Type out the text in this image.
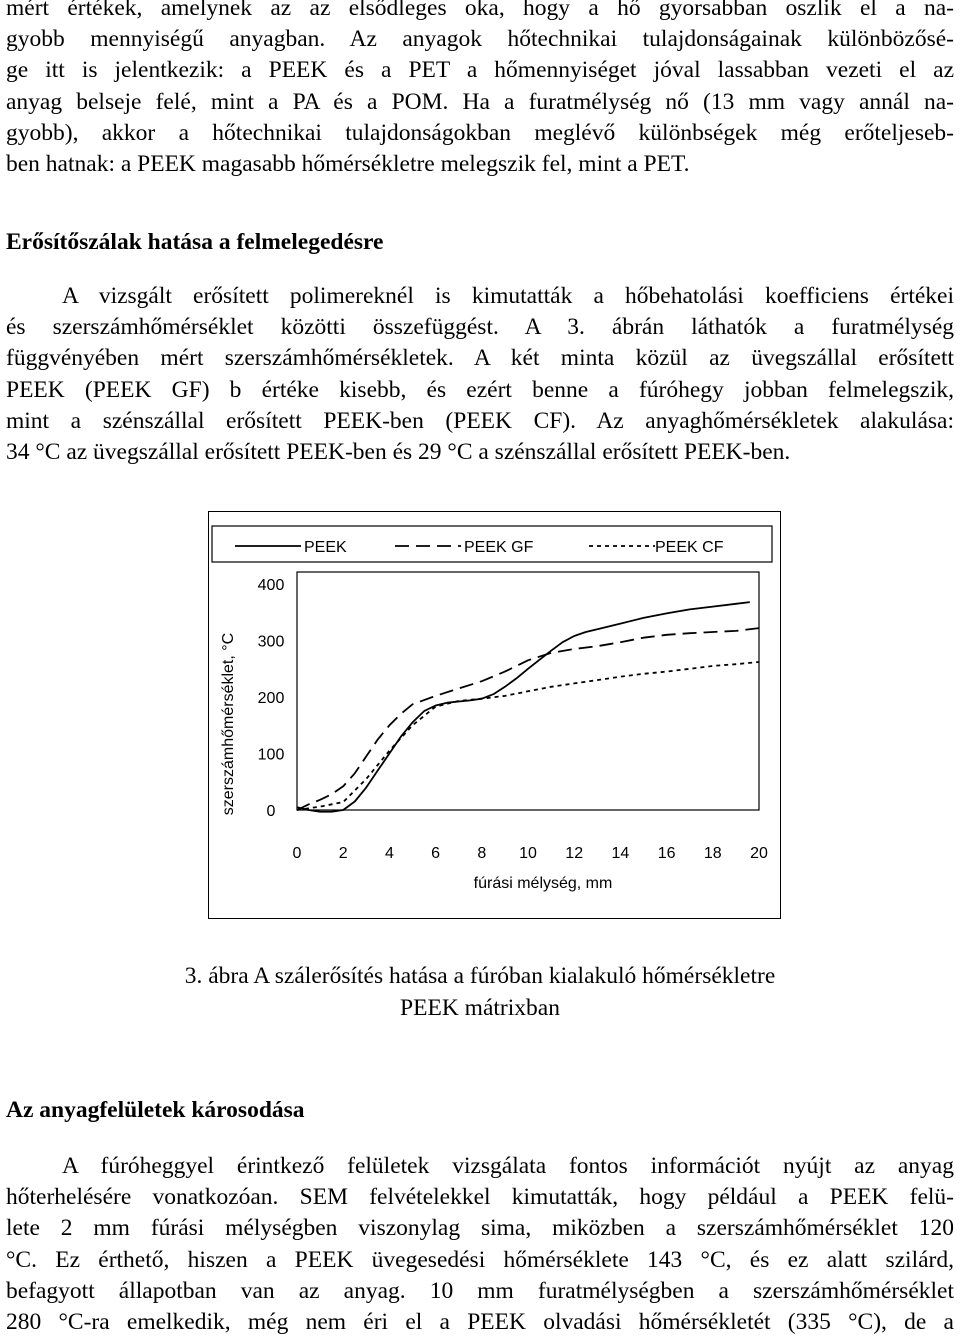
mért értékek, amelynek az az elsődleges oka, hogy a hő gyorsabban oszlik el a na-
gyobb mennyiségű anyagban. Az anyagok hőtechnikai tulajdonságainak különbözősé-
ge itt is jelentkezik: a PEEK és a PET a hőmennyiséget jóval lassabban vezeti el az
anyag belseje felé, mint a PA és a POM. Ha a furatmélység nő (13 mm vagy annál na-
gyobb), akkor a hőtechnikai tulajdonságokban meglévő különbségek még erőteljeseb-
ben hatnak: a PEEK magasabb hőmérsékletre melegszik fel, mint a PET.
Erősítőszálak hatása a felmelegedésre
A vizsgált erősített polimereknél is kimutatták a hőbehatolási koefficiens értékei
és szerszámhőmérséklet közötti összefüggést. A 3. ábrán láthatók a furatmélység
függvényében mért szerszámhőmérsékletek. A két minta közül az üvegszállal erősített
PEEK (PEEK GF) b értéke kisebb, és ezért benne a fúróhegy jobban felmelegszik,
mint a szénszállal erősített PEEK-ben (PEEK CF). Az anyaghőmérsékletek alakulása:
34 °C az üvegszállal erősített PEEK-ben és 29 °C a szénszállal erősített PEEK-ben.
PEEK	PEEK GF	PEEK CF
0
100
200
300
400
0 2 4 6 8 10 12 14 16 18 20
fúrási mélység, mm
szerszámhőmérséklet, °C
3. ábra A szálerősítés hatása a fúróban kialakuló hőmérsékletre
PEEK mátrixban
Az anyagfelületek károsodása
A fúróheggyel érintkező felületek vizsgálata fontos információt nyújt az anyag
hőterhelésére vonatkozóan. SEM felvételekkel kimutatták, hogy például a PEEK felü-
lete 2 mm fúrási mélységben viszonylag sima, miközben a szerszámhőmérséklet 120
°C. Ez érthető, hiszen a PEEK üvegesedési hőmérséklete 143 °C, és ez alatt szilárd,
befagyott állapotban van az anyag. 10 mm furatmélységben a szerszámhőmérséklet
280 °C-ra emelkedik, még nem éri el a PEEK olvadási hőmérsékletét (335 °C), de a
